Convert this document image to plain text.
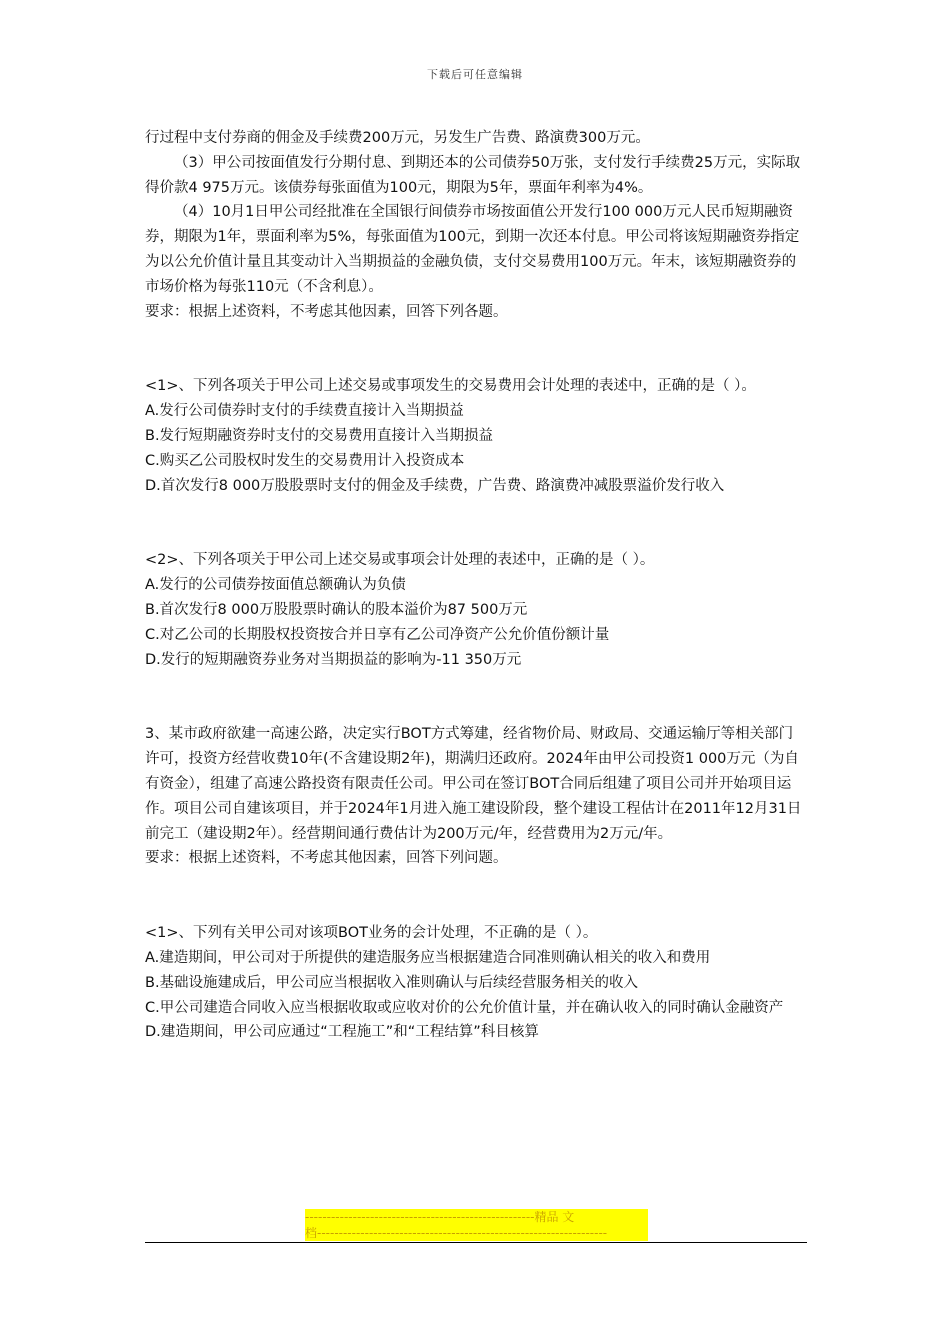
下载后可任意编辑

行过程中支付券商的佣金及手续费200万元，另发生广告费、路演费300万元。

（3）甲公司按面值发行分期付息、到期还本的公司债券50万张，支付发行手续费25万元，实际取得价款4 975万元。该债券每张面值为100元，期限为5年，票面年利率为4%。

（4）10月1日甲公司经批准在全国银行间债券市场按面值公开发行100 000万元人民币短期融资券，期限为1年，票面利率为5%，每张面值为100元，到期一次还本付息。甲公司将该短期融资券指定为以公允价值计量且其变动计入当期损益的金融负债，支付交易费用100万元。年末，该短期融资券的市场价格为每张110元（不含利息）。

要求：根据上述资料，不考虑其他因素，回答下列各题。

<1>、下列各项关于甲公司上述交易或事项发生的交易费用会计处理的表述中，正确的是（ ）。

A.发行公司债券时支付的手续费直接计入当期损益

B.发行短期融资券时支付的交易费用直接计入当期损益

C.购买乙公司股权时发生的交易费用计入投资成本

D.首次发行8 000万股股票时支付的佣金及手续费，广告费、路演费冲减股票溢价发行收入

<2>、下列各项关于甲公司上述交易或事项会计处理的表述中，正确的是（ ）。

A.发行的公司债券按面值总额确认为负债

B.首次发行8 000万股股票时确认的股本溢价为87 500万元

C.对乙公司的长期股权投资按合并日享有乙公司净资产公允价值份额计量

D.发行的短期融资券业务对当期损益的影响为-11 350万元

3、某市政府欲建一高速公路，决定实行BOT方式筹建，经省物价局、财政局、交通运输厅等相关部门许可，投资方经营收费10年(不含建设期2年)，期满归还政府。2024年由甲公司投资1 000万元（为自有资金），组建了高速公路投资有限责任公司。甲公司在签订BOT合同后组建了项目公司并开始项目运作。项目公司自建该项目，并于2024年1月进入施工建设阶段，整个建设工程估计在2011年12月31日前完工（建设期2年）。经营期间通行费估计为200万元/年，经营费用为2万元/年。

要求：根据上述资料，不考虑其他因素，回答下列问题。

<1>、下列有关甲公司对该项BOT业务的会计处理，不正确的是（ ）。

A.建造期间，甲公司对于所提供的建造服务应当根据建造合同准则确认相关的收入和费用

B.基础设施建成后，甲公司应当根据收入准则确认与后续经营服务相关的收入

C.甲公司建造合同收入应当根据收取或应收对价的公允价值计量，并在确认收入的同时确认金融资产

D.建造期间，甲公司应通过“工程施工”和“工程结算”科目核算

-----------------------------------------------------精品 文
档-------------------------------------------------------------------
